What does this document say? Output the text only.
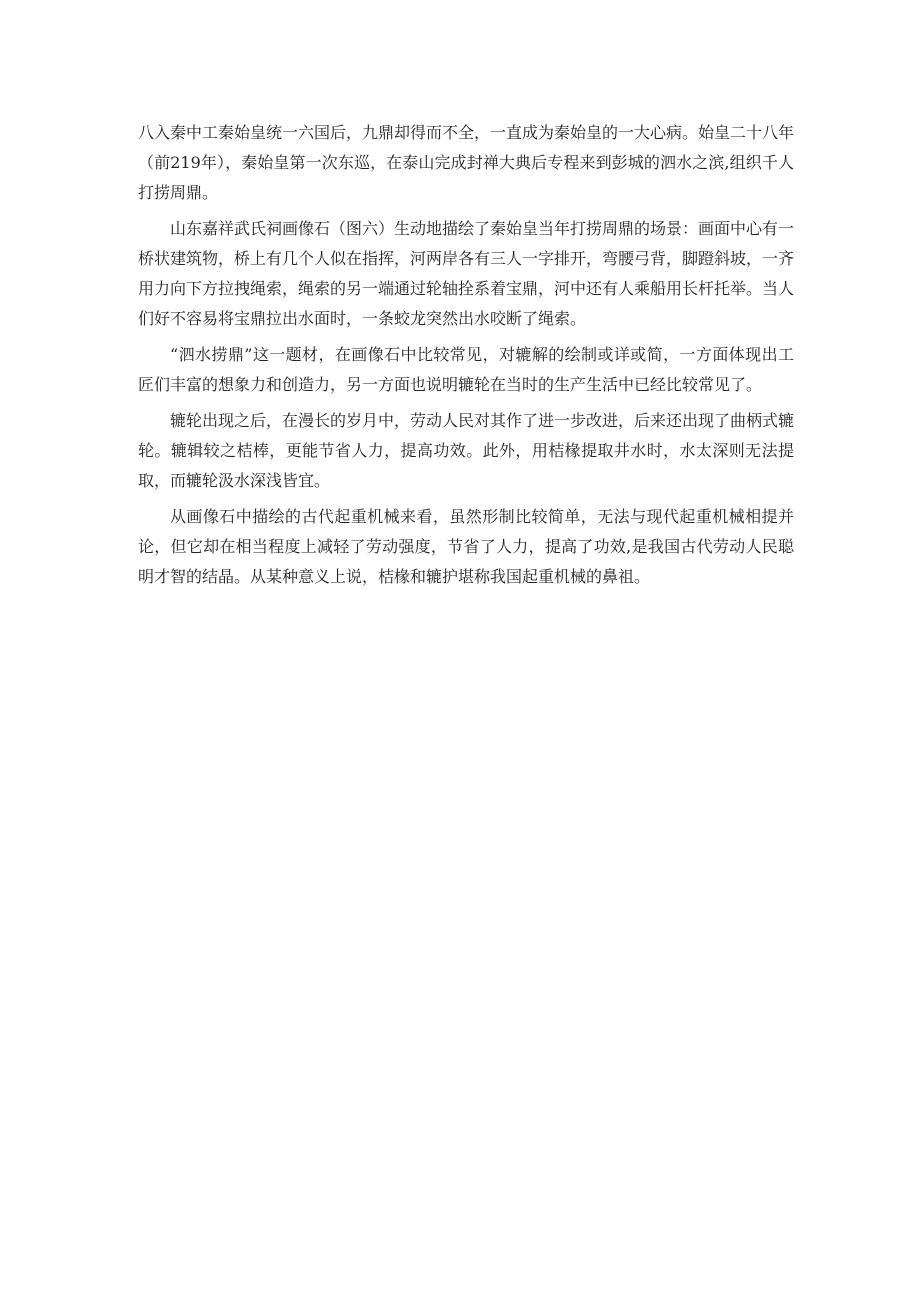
八入秦中工秦始皇统一六国后，九鼎却得而不全，一直成为秦始皇的一大心病。始皇二十八年（前219年），秦始皇第一次东巡，在泰山完成封禅大典后专程来到彭城的泗水之滨,组织千人打捞周鼎。

山东嘉祥武氏祠画像石（图六）生动地描绘了秦始皇当年打捞周鼎的场景：画面中心有一桥状建筑物，桥上有几个人似在指挥，河两岸各有三人一字排开，弯腰弓背，脚蹬斜坡，一齐用力向下方拉拽绳索，绳索的另一端通过轮轴拴系着宝鼎，河中还有人乘船用长杆托举。当人们好不容易将宝鼎拉出水面时，一条蛟龙突然出水咬断了绳索。

“泗水捞鼎”这一题材，在画像石中比较常见，对辘解的绘制或详或简，一方面体现出工匠们丰富的想象力和创造力，另一方面也说明辘轮在当时的生产生活中已经比较常见了。

辘轮出现之后，在漫长的岁月中，劳动人民对其作了进一步改进，后来还出现了曲柄式辘轮。辘辑较之桔棒，更能节省人力，提高功效。此外，用桔椽提取井水时，水太深则无法提取，而辘轮汲水深浅皆宜。

从画像石中描绘的古代起重机械来看，虽然形制比较简单，无法与现代起重机械相提并论，但它却在相当程度上减轻了劳动强度，节省了人力，提高了功效,是我国古代劳动人民聪明才智的结晶。从某种意义上说，桔椽和辘护堪称我国起重机械的鼻祖。
